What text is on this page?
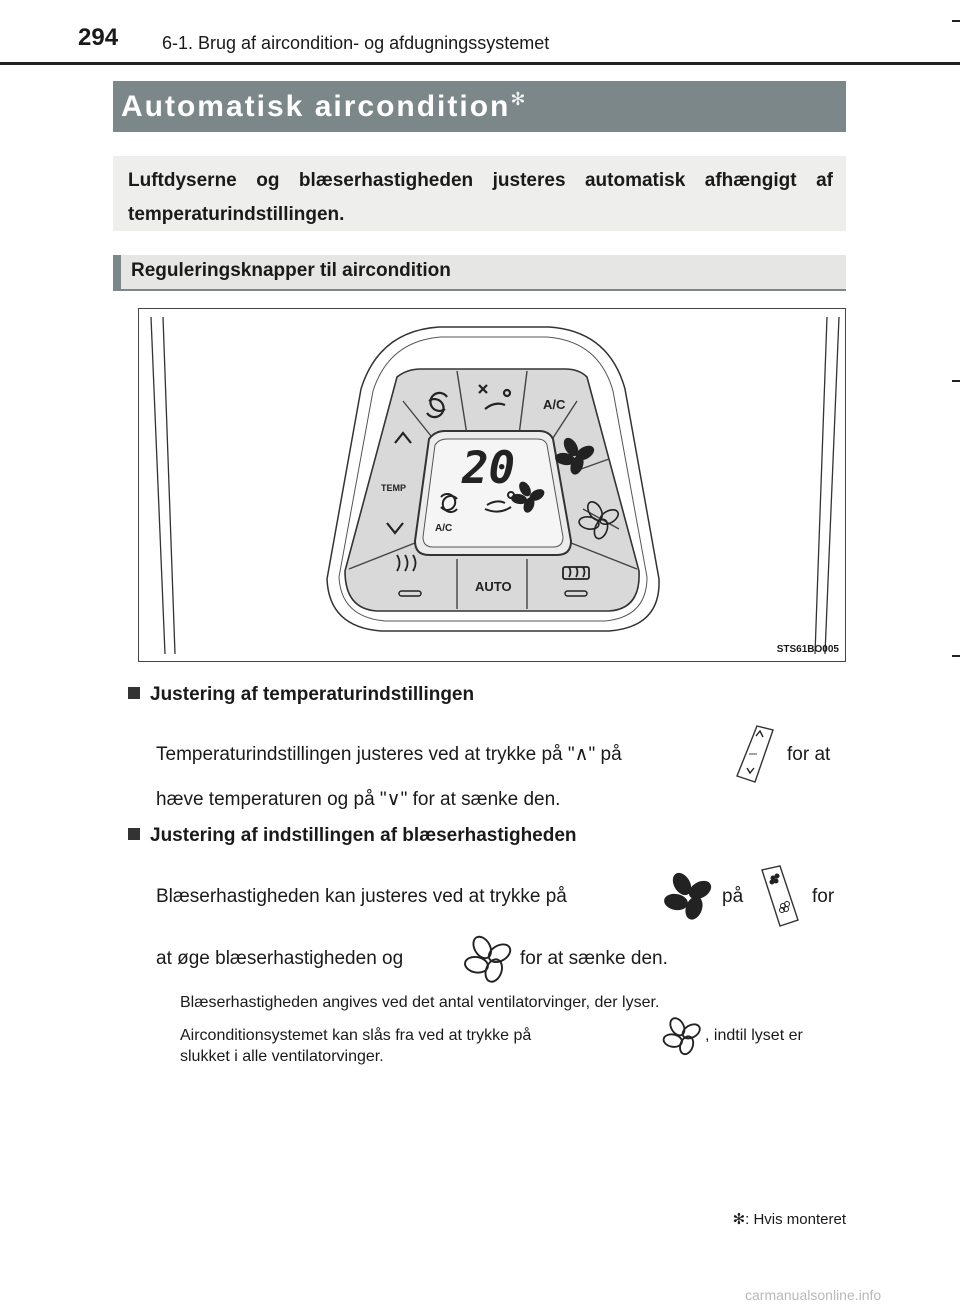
294 6-1. Brug af aircondition- og afdugningssystemet
Automatisk aircondition✻
Luftdyserne og blæserhastigheden justeres automatisk afhængigt af temperaturindstillingen.
Reguleringsknapper til aircondition
20
A/C
A/C
TEMP
AUTO
STS61BO005
Justering af temperaturindstillingen
Temperaturindstillingen justeres ved at trykke på "∧" på	for at
hæve temperaturen og på "∨" for at sænke den.
Justering af indstillingen af blæserhastigheden
Blæserhastigheden kan justeres ved at trykke på	på	for
at øge blæserhastigheden og	for at sænke den.
Blæserhastigheden angives ved det antal ventilatorvinger, der lyser.
Airconditionsystemet kan slås fra ved at trykke på	, indtil lyset er
slukket i alle ventilatorvinger.
✻: Hvis monteret
carmanualsonline.info
